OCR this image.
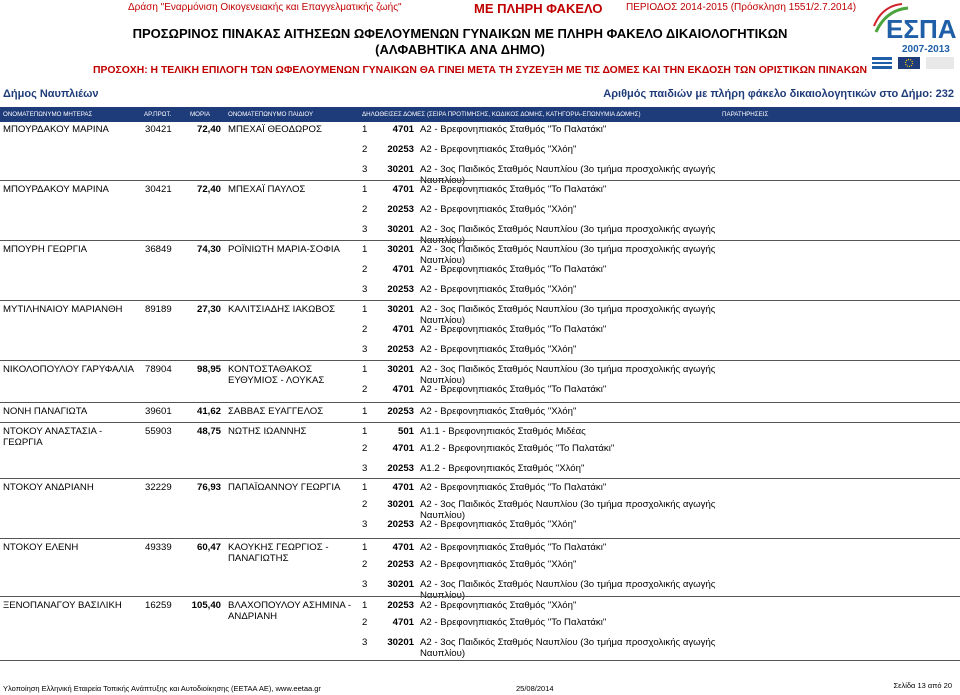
Δράση "Εναρμόνιση Οικογενειακής και Επαγγελματικής ζωής"	ΜΕ ΠΛΗΡΗ ΦΑΚΕΛΟ ΠΕΡΙΟΔΟΣ 2014-2015 (Πρόσκληση 1551/2.7.2014)
ΠΡΟΣΩΡΙΝΟΣ ΠΙΝΑΚΑΣ ΑΙΤΗΣΕΩΝ ΩΦΕΛΟΥΜΕΝΩΝ ΓΥΝΑΙΚΩΝ ΜΕ ΠΛΗΡΗ ΦΑΚΕΛΟ ΔΙΚΑΙΟΛΟΓΗΤΙΚΩΝ
(ΑΛΦΑΒΗΤΙΚΑ ΑΝΑ ΔΗΜΟ)
ΕΣΠΑ
2007-2013
ΠΡΟΣΟΧΗ: Η ΤΕΛΙΚΗ ΕΠΙΛΟΓΗ ΤΩΝ ΩΦΕΛΟΥΜΕΝΩΝ ΓΥΝΑΙΚΩΝ ΘΑ ΓΙΝΕΙ ΜΕΤΑ ΤΗ ΣΥΖΕΥΞΗ ΜΕ ΤΙΣ ΔΟΜΕΣ ΚΑΙ ΤΗΝ ΕΚΔΟΣΗ ΤΩΝ ΟΡΙΣΤΙΚΩΝ ΠΙΝΑΚΩΝ
Δήμος Ναυπλιέων	Αριθμός παιδιών με πλήρη φάκελο δικαιολογητικών στο Δήμο: 232
ΟΝΟΜΑΤΕΠΩΝΥΜΟ ΜΗΤΕΡΑΣ	ΑΡ.ΠΡΩΤ.	ΜΟΡΙΑ	ΟΝΟΜΑΤΕΠΩΝΥΜΟ ΠΑΙΔΙΟΥ	ΔΗΛΩΘΕΙΣΕΣ ΔΟΜΕΣ (ΣΕΙΡΑ ΠΡΟΤΙΜΗΣΗΣ, ΚΩΔΙΚΟΣ ΔΟΜΗΣ, ΚΑΤΗΓΟΡΙΑ-ΕΠΩΝΥΜΙΑ ΔΟΜΗΣ)	ΠΑΡΑΤΗΡΗΣΕΙΣ
ΜΠΟΥΡΔΑΚΟΥ ΜΑΡΙΝΑ	30421	72,40 ΜΠΕΧΑΪ ΘΕΟΔΩΡΟΣ	1	4701 Α2 - Βρεφονηπιακός Σταθμός "Το Παλατάκι"
2	20253 Α2 - Βρεφονηπιακός Σταθμός "Χλόη"
3	30201 Α2 - 3ος Παιδικός Σταθμός Ναυπλίου (3ο τμήμα προσχολικής αγωγής Ναυπλίου)
ΜΠΟΥΡΔΑΚΟΥ ΜΑΡΙΝΑ	30421	72,40 ΜΠΕΧΑΪ ΠΑΥΛΟΣ	1	4701 Α2 - Βρεφονηπιακός Σταθμός "Το Παλατάκι"
2	20253 Α2 - Βρεφονηπιακός Σταθμός "Χλόη"
3	30201 Α2 - 3ος Παιδικός Σταθμός Ναυπλίου (3ο τμήμα προσχολικής αγωγής Ναυπλίου)
ΜΠΟΥΡΗ ΓΕΩΡΓΙΑ	36849	74,30 ΡΟΪΝΙΩΤΗ ΜΑΡΙΑ-ΣΟΦΙΑ	1	30201 Α2 - 3ος Παιδικός Σταθμός Ναυπλίου (3ο τμήμα προσχολικής αγωγής Ναυπλίου)
2	4701 Α2 - Βρεφονηπιακός Σταθμός "Το Παλατάκι"
3	20253 Α2 - Βρεφονηπιακός Σταθμός "Χλόη"
ΜΥΤΙΛΗΝΑΙΟΥ ΜΑΡΙΑΝΘΗ	89189	27,30 ΚΑΛΙΤΣΙΑΔΗΣ ΙΑΚΩΒΟΣ	1	30201 Α2 - 3ος Παιδικός Σταθμός Ναυπλίου (3ο τμήμα προσχολικής αγωγής Ναυπλίου)
2	4701 Α2 - Βρεφονηπιακός Σταθμός "Το Παλατάκι"
3	20253 Α2 - Βρεφονηπιακός Σταθμός "Χλόη"
ΝΙΚΟΛΟΠΟΥΛΟΥ ΓΑΡΥΦΑΛΙΑ	78904	98,95 ΚΟΝΤΟΣΤΑΘΑΚΟΣ ΕΥΘΥΜΙΟΣ - ΛΟΥΚΑΣ
1	30201 Α2 - 3ος Παιδικός Σταθμός Ναυπλίου (3ο τμήμα προσχολικής αγωγής Ναυπλίου)
2	4701 Α2 - Βρεφονηπιακός Σταθμός "Το Παλατάκι"
ΝΟΝΗ ΠΑΝΑΓΙΩΤΑ	39601	41,62 ΣΑΒΒΑΣ ΕΥΑΓΓΕΛΟΣ	1	20253 Α2 - Βρεφονηπιακός Σταθμός "Χλόη"
ΝΤΟΚΟΥ ΑΝΑΣΤΑΣΙΑ - ΓΕΩΡΓΙΑ
55903	48,75 ΝΩΤΗΣ ΙΩΑΝΝΗΣ	1	501 Α1.1 - Βρεφονηπιακός Σταθμός Μιδέας
2	4701 Α1.2 - Βρεφονηπιακός Σταθμός "Το Παλατάκι"
3	20253 Α1.2 - Βρεφονηπιακός Σταθμός "Χλόη"
ΝΤΟΚΟΥ ΑΝΔΡΙΑΝΗ	32229	76,93 ΠΑΠΑΪΩΑΝΝΟΥ ΓΕΩΡΓΙΑ	1	4701 Α2 - Βρεφονηπιακός Σταθμός "Το Παλατάκι"
2	30201 Α2 - 3ος Παιδικός Σταθμός Ναυπλίου (3ο τμήμα προσχολικής αγωγής Ναυπλίου)
3	20253 Α2 - Βρεφονηπιακός Σταθμός "Χλόη"
ΝΤΟΚΟΥ ΕΛΕΝΗ	49339	60,47 ΚΑΟΥΚΗΣ ΓΕΩΡΓΙΟΣ - ΠΑΝΑΓΙΩΤΗΣ
1	4701 Α2 - Βρεφονηπιακός Σταθμός "Το Παλατάκι"
2	20253 Α2 - Βρεφονηπιακός Σταθμός "Χλόη"
3	30201 Α2 - 3ος Παιδικός Σταθμός Ναυπλίου (3ο τμήμα προσχολικής αγωγής Ναυπλίου)
ΞΕΝΟΠΑΝΑΓΟΥ ΒΑΣΙΛΙΚΗ	16259	105,40 ΒΛΑΧΟΠΟΥΛΟΥ ΑΣΗΜΙΝΑ - ΑΝΔΡΙΑΝΗ
1	20253 Α2 - Βρεφονηπιακός Σταθμός "Χλόη"
2	4701 Α2 - Βρεφονηπιακός Σταθμός "Το Παλατάκι"
3	30201 Α2 - 3ος Παιδικός Σταθμός Ναυπλίου (3ο τμήμα προσχολικής αγωγής Ναυπλίου)
Υλοποίηση Ελληνική Εταιρεία Τοπικής Ανάπτυξης και Αυτοδιοίκησης (ΕΕΤΑΑ ΑΕ), www.eetaa.gr	25/08/2014	Σελίδα 13 από 20
